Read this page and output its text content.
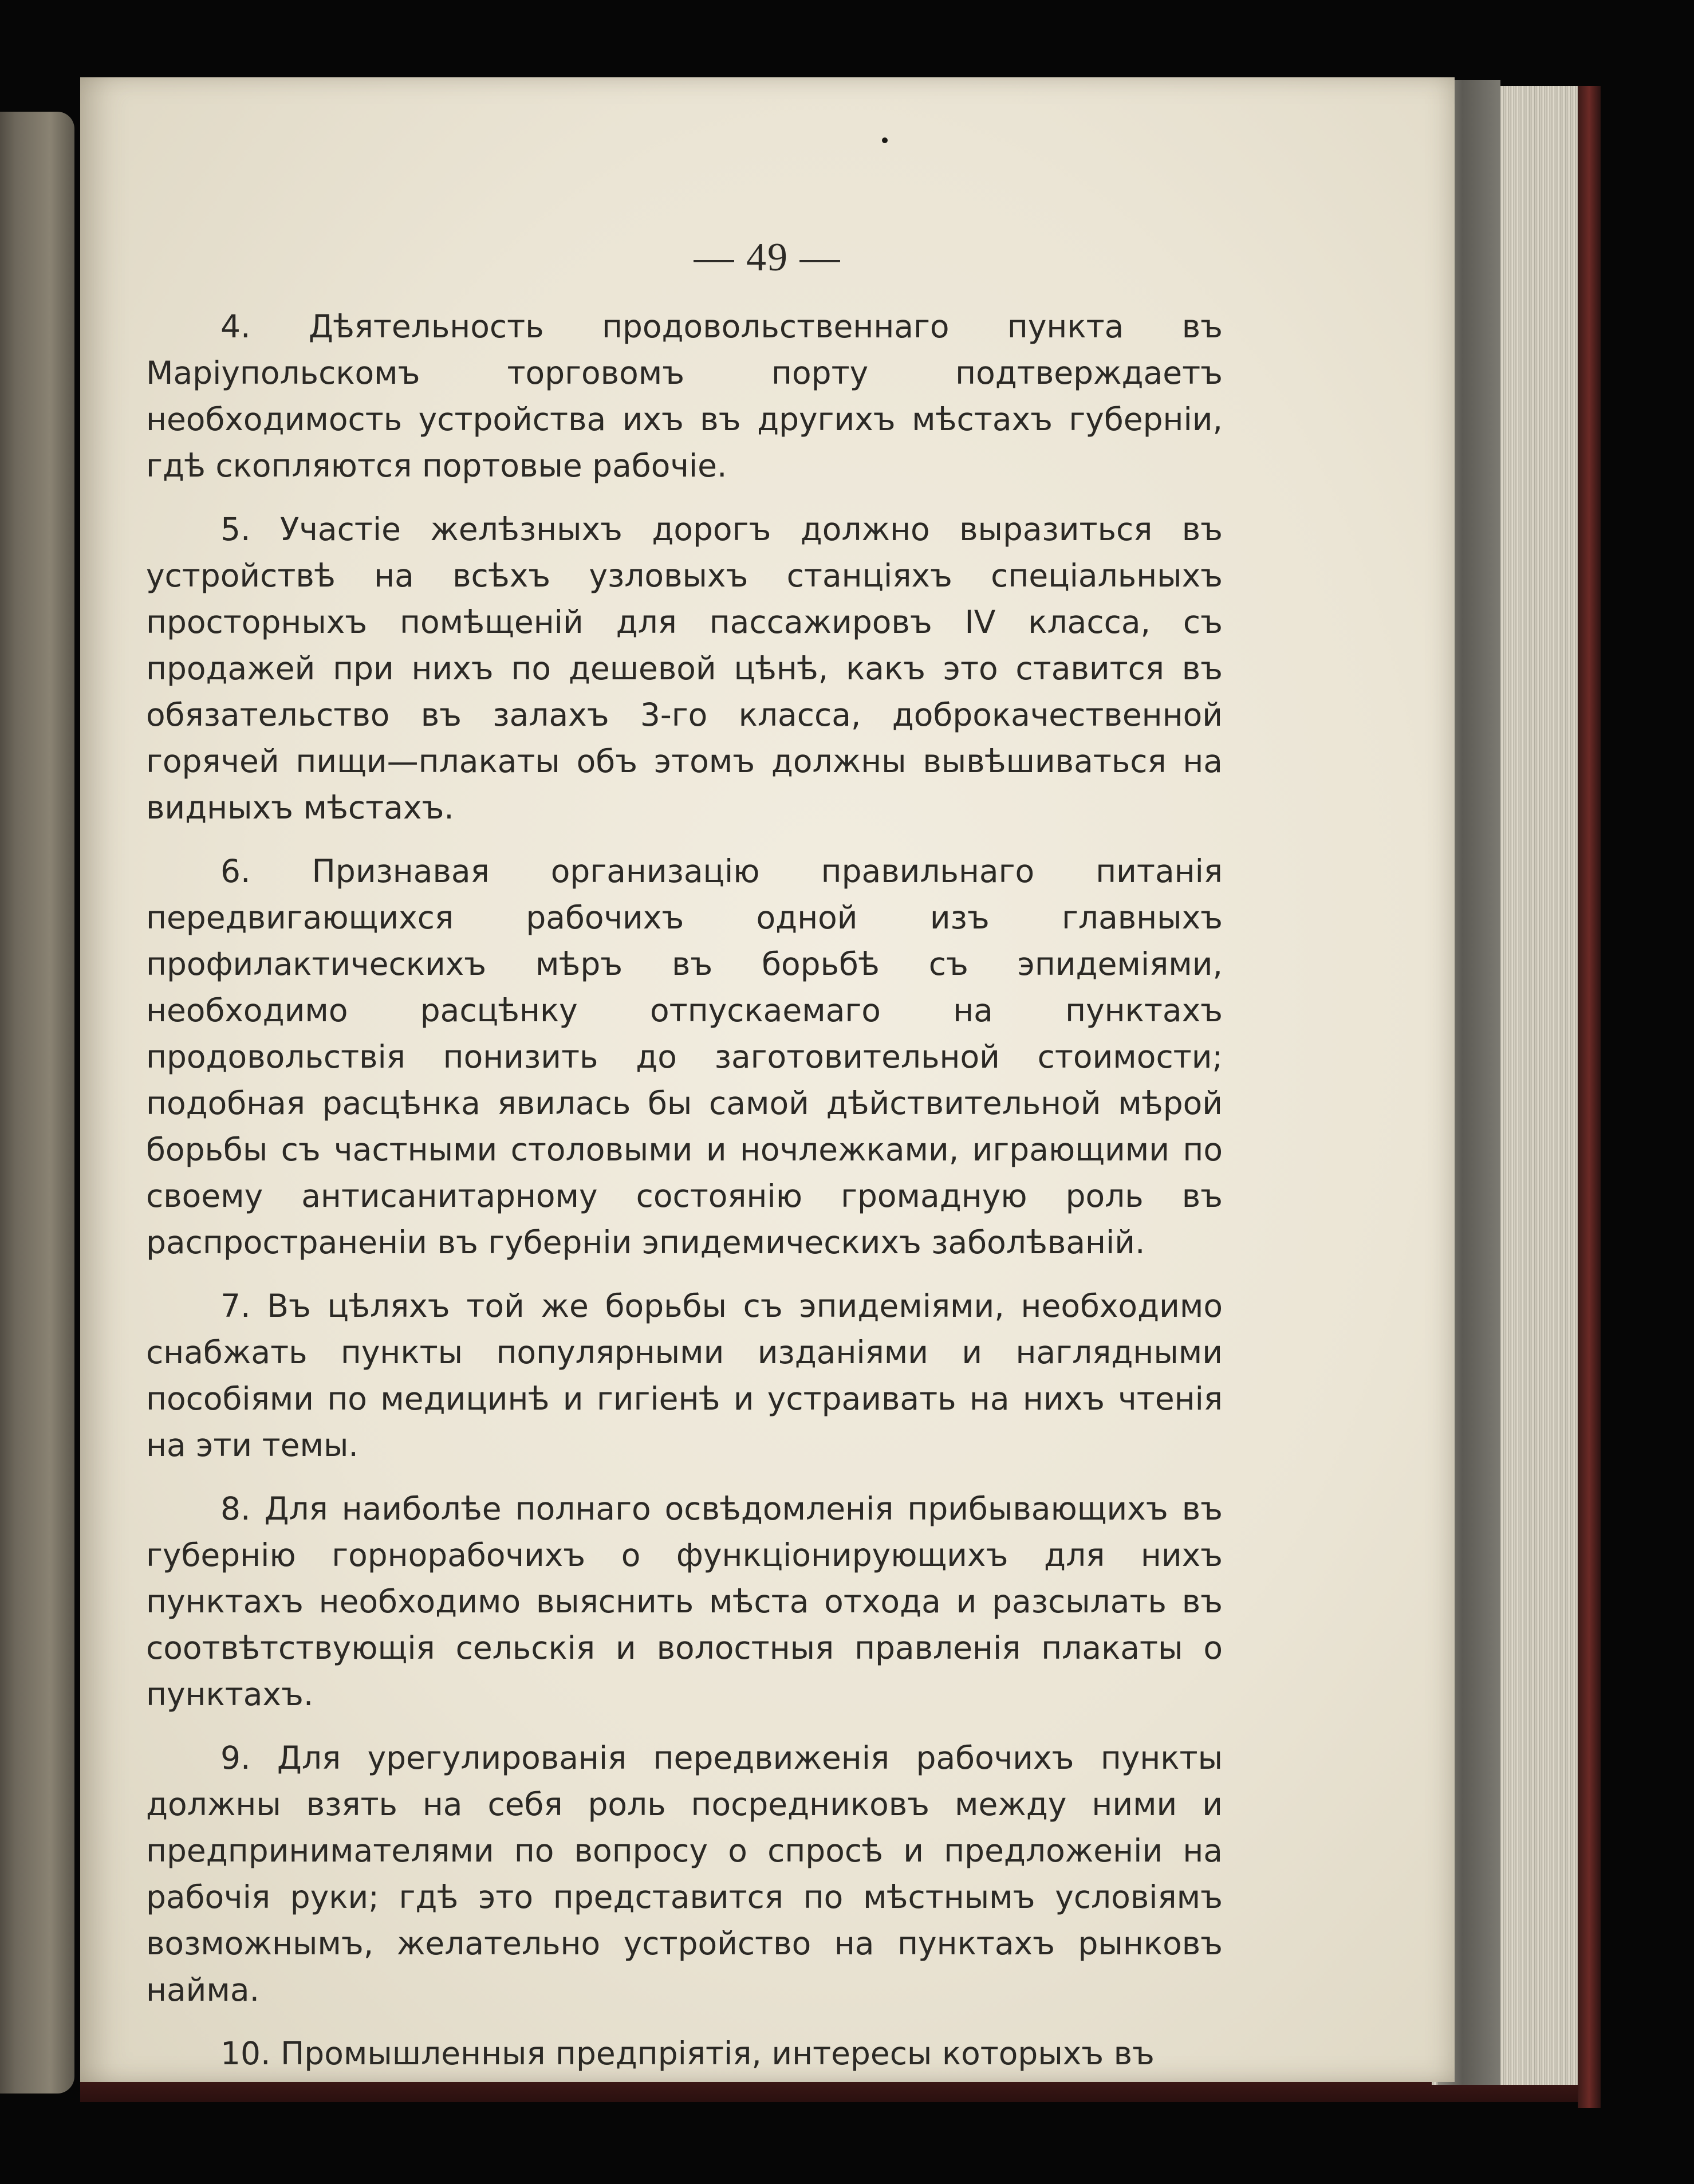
— 49 —

4. Дѣятельность продовольственнаго пункта въ Маріупольскомъ торговомъ порту подтверждаетъ необходимость устройства ихъ въ другихъ мѣстахъ губерніи, гдѣ скопляются портовые рабочіе.

5. Участіе желѣзныхъ дорогъ должно выразиться въ устройствѣ на всѣхъ узловыхъ станціяхъ спеціальныхъ просторныхъ помѣщеній для пассажировъ IV класса, съ продажей при нихъ по дешевой цѣнѣ, какъ это ставится въ обязательство въ залахъ 3-го класса, доброкачественной горячей пищи—плакаты объ этомъ должны вывѣшиваться на видныхъ мѣстахъ.

6. Признавая организацію правильнаго питанія передвигающихся рабочихъ одной изъ главныхъ профилактическихъ мѣръ въ борьбѣ съ эпидеміями, необходимо расцѣнку отпускаемаго на пунктахъ продовольствія понизить до заготовительной стоимости; подобная расцѣнка явилась бы самой дѣйствительной мѣрой борьбы съ частными столовыми и ночлежками, играющими по своему антисанитарному состоянію громадную роль въ распространеніи въ губерніи эпидемическихъ заболѣваній.

7. Въ цѣляхъ той же борьбы съ эпидеміями, необходимо снабжать пункты популярными изданіями и наглядными пособіями по медицинѣ и гигіенѣ и устраивать на нихъ чтенія на эти темы.

8. Для наиболѣе полнаго освѣдомленія прибывающихъ въ губернію горнорабочихъ о функціонирующихъ для нихъ пунктахъ необходимо выяснить мѣста отхода и разсылать въ соотвѣтствующія сельскія и волостныя правленія плакаты о пунктахъ.

9. Для урегулированія передвиженія рабочихъ пункты должны взять на себя роль посредниковъ между ними и предпринимателями по вопросу о спросѣ и предложеніи на рабочія руки; гдѣ это представится по мѣстнымъ условіямъ возможнымъ, желательно устройство на пунктахъ рынковъ найма.

10. Промышленныя предпріятія, интересы которыхъ въ
